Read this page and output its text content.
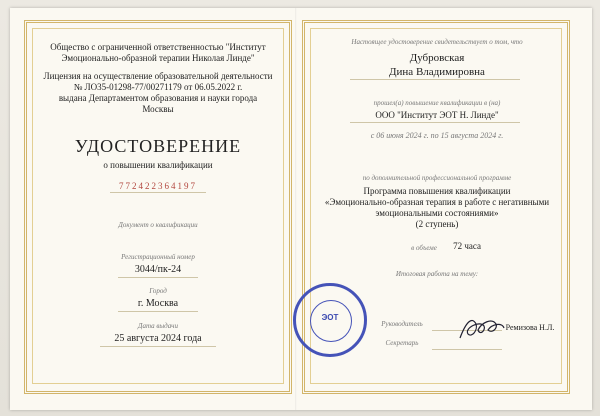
Общество с ограниченной ответственностью "Институт
Эмоционально-образной терапии Николая Линде"
Лицензия на осуществление образовательной деятельности
№ ЛО35-01298-77/00271179 от 06.05.2022 г.
выдана Департаментом образования и науки города
Москвы
УДОСТОВЕРЕНИЕ
о повышении квалификации
772422364197
Документ о квалификации
Регистрационный номер
3044/пк-24
Город
г. Москва
Дата выдачи
25 августа 2024 года
Настоящее удостоверение свидетельствует о том, что
Дубровская
Дина Владимировна
прошел(а) повышение квалификации в (на)
ООО "Институт ЭОТ Н. Линде"
с 06 июня 2024 г. по 15 августа 2024 г.
по дополнительной профессиональной программе
Программа повышения квалификации
«Эмоционально-образная терапия в работе с негативными
эмоциональными состояниями»
(2 ступень)
в объеме	72 часа
Итоговая работа на тему:
Руководитель
Секретарь
Ремизова Н.Л.
ЭОТ
